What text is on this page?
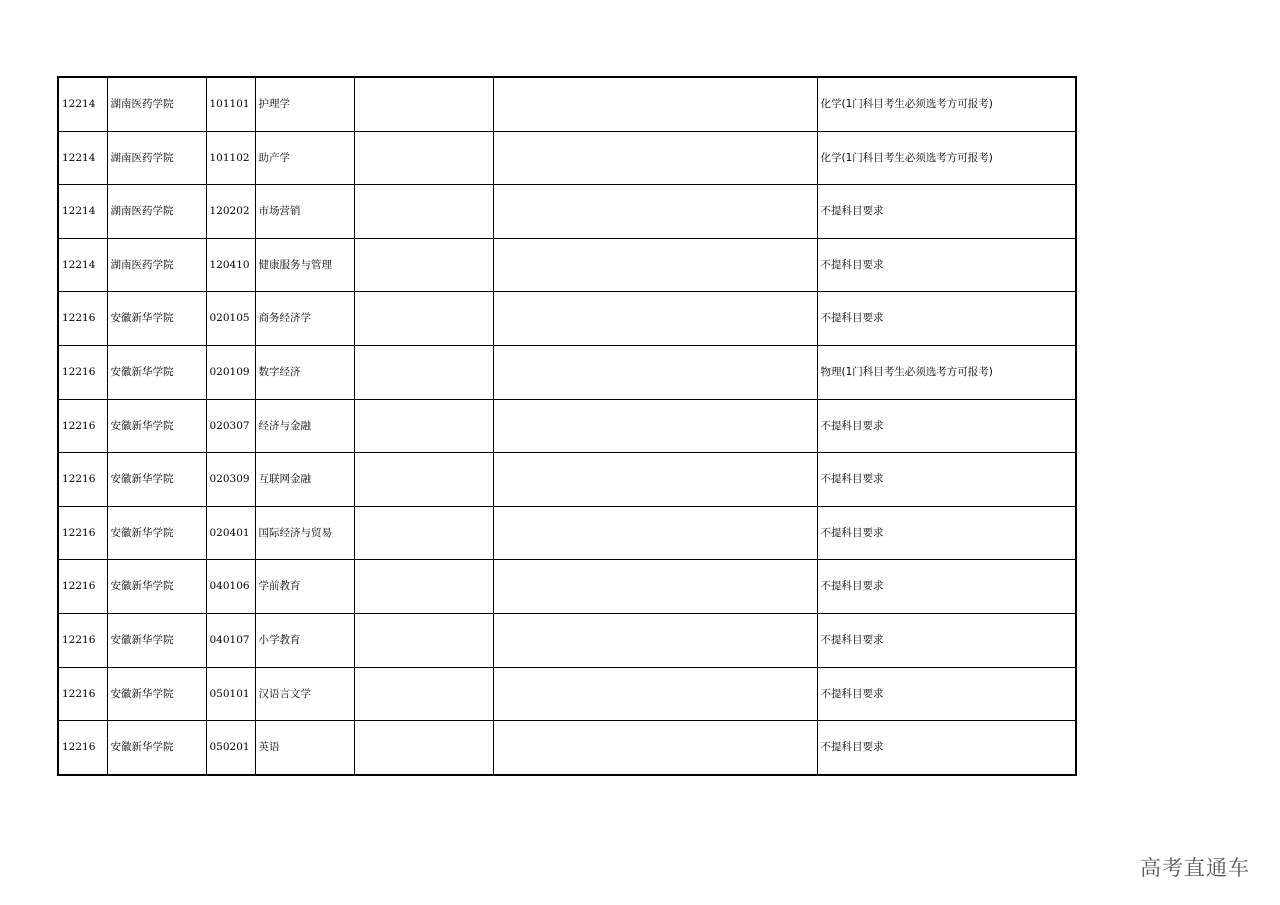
12214	湖南医药学院	101101	护理学			化学(1门科目考生必须选考方可报考)
12214	湖南医药学院	101102	助产学			化学(1门科目考生必须选考方可报考)
12214	湖南医药学院	120202	市场营销			不提科目要求
12214	湖南医药学院	120410	健康服务与管理			不提科目要求
12216	安徽新华学院	020105	商务经济学			不提科目要求
12216	安徽新华学院	020109	数字经济			物理(1门科目考生必须选考方可报考)
12216	安徽新华学院	020307	经济与金融			不提科目要求
12216	安徽新华学院	020309	互联网金融			不提科目要求
12216	安徽新华学院	020401	国际经济与贸易			不提科目要求
12216	安徽新华学院	040106	学前教育			不提科目要求
12216	安徽新华学院	040107	小学教育			不提科目要求
12216	安徽新华学院	050101	汉语言文学			不提科目要求
12216	安徽新华学院	050201	英语			不提科目要求
高考直通车
